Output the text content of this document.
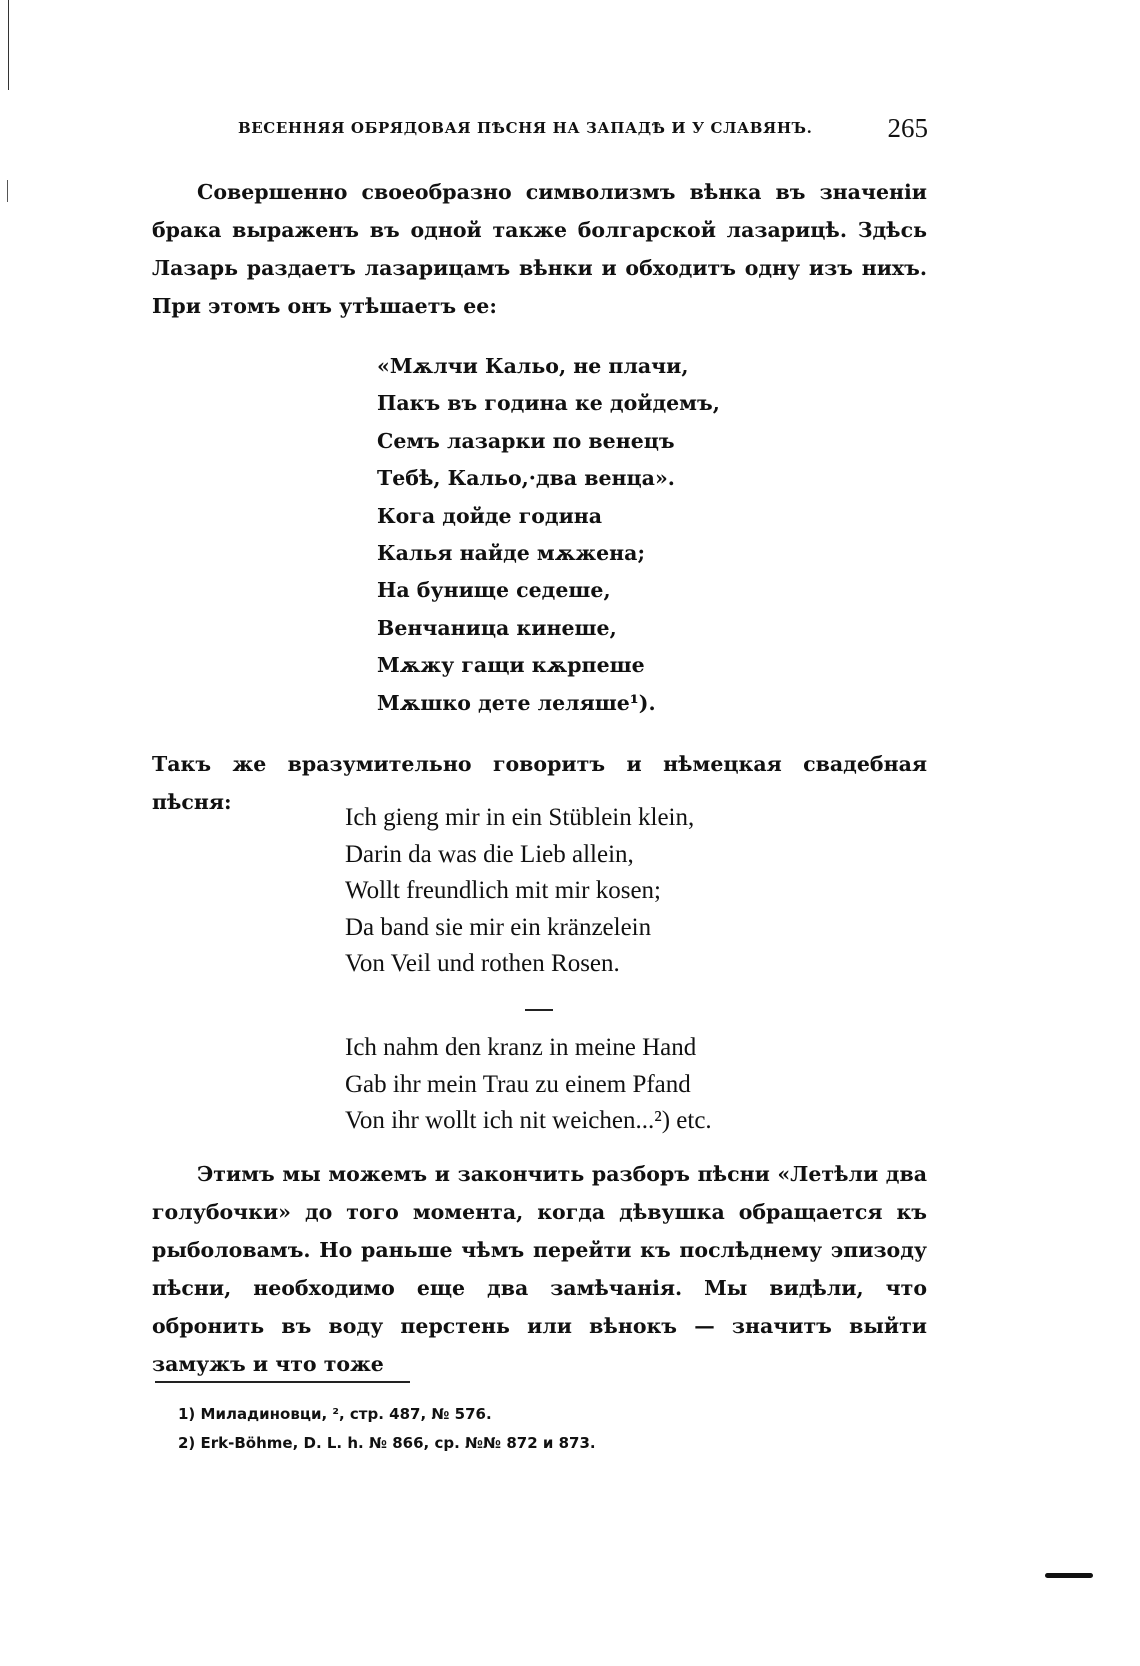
ВЕСЕННЯЯ ОБРЯДОВАЯ ПѢСНЯ НА ЗАПАДѢ И У СЛАВЯНЪ.	265

Совершенно своеобразно символизмъ вѣнка въ значеніи брака выраженъ въ одной также болгарской лазарицѣ. Здѣсь Лазарь раздаетъ лазарицамъ вѣнки и обходитъ одну изъ нихъ. При этомъ онъ утѣшаетъ ее:

«Мѫлчи Кальо, не плачи,
Пакъ въ година ке дойдемъ,
Семъ лазарки по венецъ
Тебѣ, Кальо,·два венца».
Кога дойде година
Калья найде мѫжена;
На бунище седеше,
Венчаница кинеше,
Мѫжу гащи кѫрпеше
Мѫшко дете леляше¹).

Такъ же вразумительно говоритъ и нѣмецкая свадебная пѣсня:

Ich gieng mir in ein Stüblein klein,
Darin da was die Lieb allein,
Wollt freundlich mit mir kosen;
Da band sie mir ein kränzelein
Von Veil und rothen Rosen.
Ich nahm den kranz in meine Hand
Gab ihr mein Trau zu einem Pfand
Von ihr wollt ich nit weichen...²) etc.

Этимъ мы можемъ и закончить разборъ пѣсни «Летѣли два голубочки» до того момента, когда дѣвушка обращается къ рыболовамъ. Но раньше чѣмъ перейти къ послѣднему эпизоду пѣсни, необходимо еще два замѣчанія. Мы видѣли, что обронить въ воду перстень или вѣнокъ — значитъ выйти замужъ и что тоже

1) Миладиновци, ², стр. 487, № 576.
2) Erk-Böhme, D. L. h. № 866, ср. №№ 872 и 873.
